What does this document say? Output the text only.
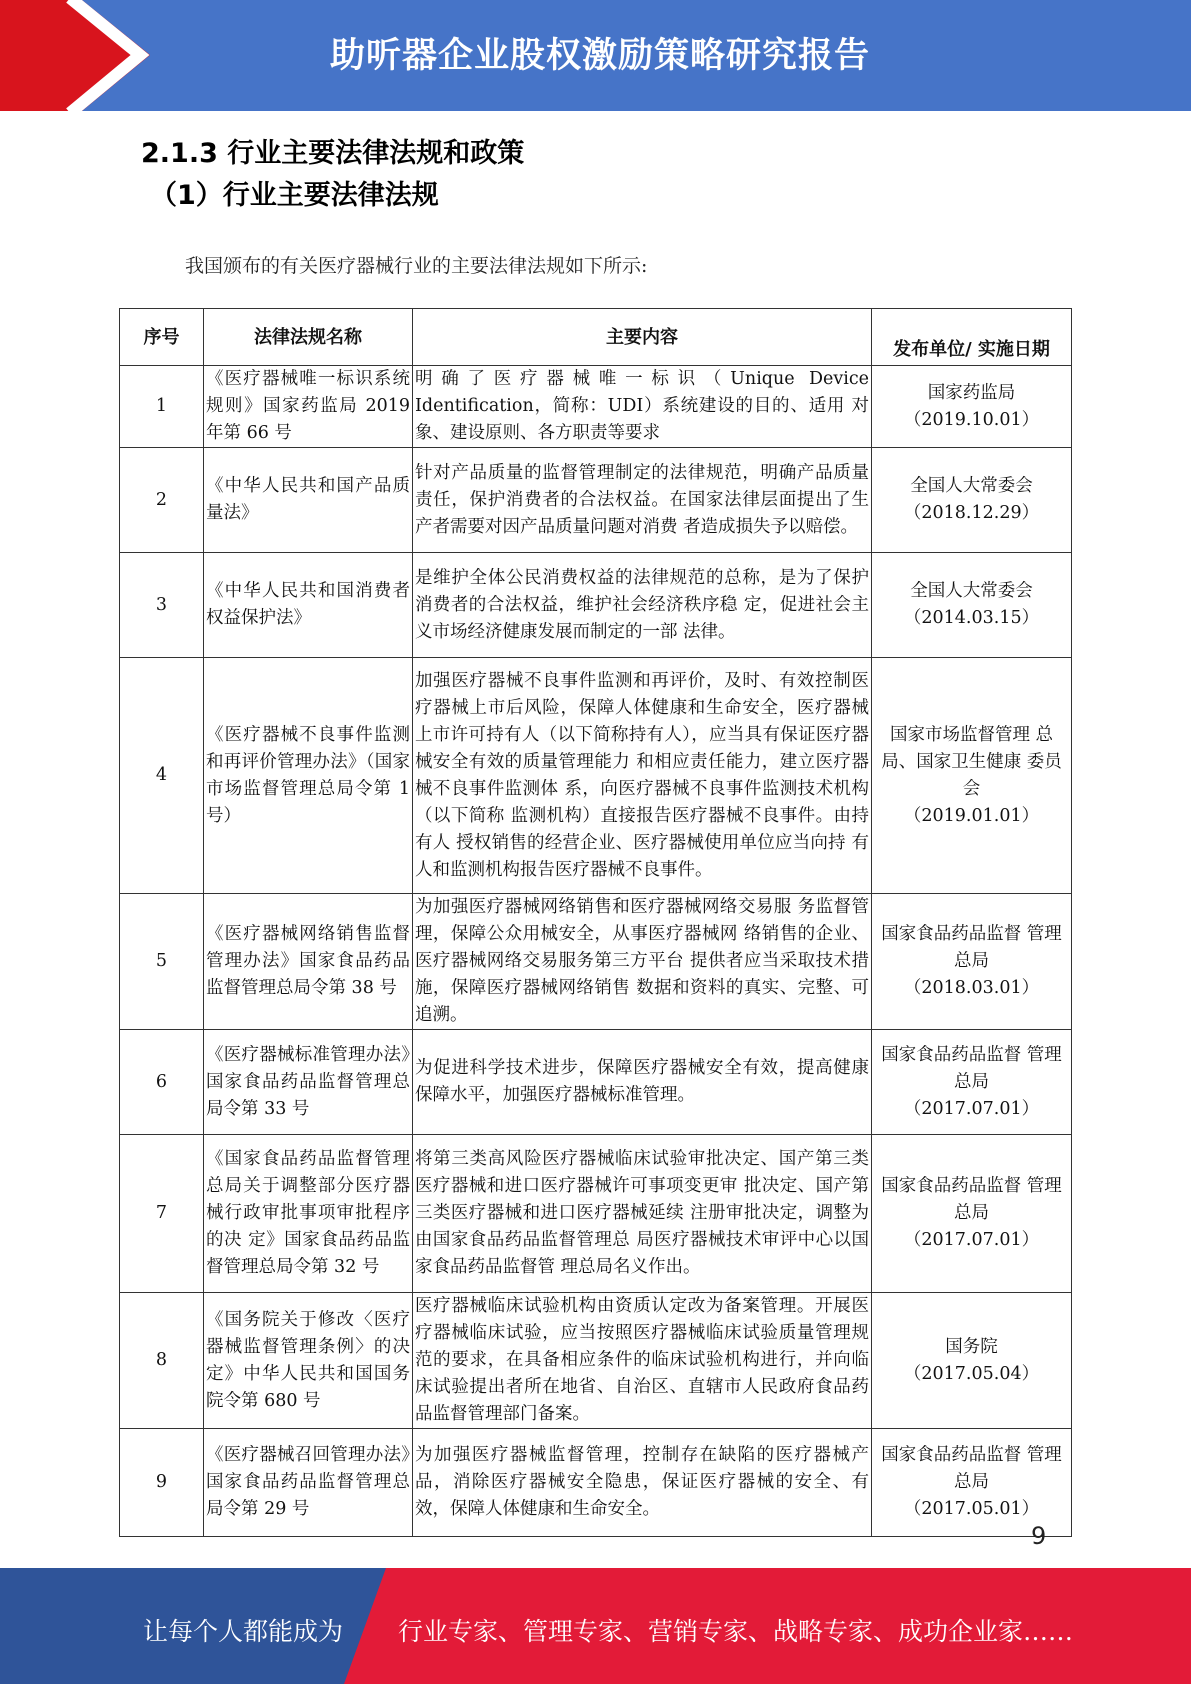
助听器企业股权激励策略研究报告
2.1.3 行业主要法律法规和政策
（1）行业主要法律法规
我国颁布的有关医疗器械行业的主要法律法规如下所示:
序号	法律法规名称	主要内容	发布单位/ 实施日期
1	《医疗器械唯一标识系统规则》国家药监局 2019 年第 66 号	明确了医疗器械唯一标识（Unique Device Identification，简称：UDI）系统建设的目的、适用 对象、建设原则、各方职责等要求	国家药监局
（2019.10.01）

2	《中华人民共和国产品质量法》	针对产品质量的监督管理制定的法律规范，明确产品质量责任，保护消费者的合法权益。在国家法律层面提出了生产者需要对因产品质量问题对消费 者造成损失予以赔偿。	全国人大常委会
（2018.12.29）

3	《中华人民共和国消费者权益保护法》	是维护全体公民消费权益的法律规范的总称，是为了保护消费者的合法权益，维护社会经济秩序稳 定，促进社会主义市场经济健康发展而制定的一部 法律。	全国人大常委会
（2014.03.15）

4	《医疗器械不良事件监测和再评价管理办法》（国家市场监督管理总局令第 1 号）	加强医疗器械不良事件监测和再评价，及时、有效控制医疗器械上市后风险，保障人体健康和生命安全，医疗器械上市许可持有人（以下简称持有人），应当具有保证医疗器械安全有效的质量管理能力 和相应责任能力，建立医疗器械不良事件监测体 系，向医疗器械不良事件监测技术机构（以下简称 监测机构）直接报告医疗器械不良事件。由持有人 授权销售的经营企业、医疗器械使用单位应当向持 有人和监测机构报告医疗器械不良事件。	国家市场监督管理 总局、国家卫生健康 委员会
（2019.01.01）

5	《医疗器械网络销售监督管理办法》国家食品药品监督管理总局令第 38 号	为加强医疗器械网络销售和医疗器械网络交易服 务监督管理，保障公众用械安全，从事医疗器械网 络销售的企业、医疗器械网络交易服务第三方平台 提供者应当采取技术措施，保障医疗器械网络销售 数据和资料的真实、完整、可追溯。	国家食品药品监督 管理总局
（2018.03.01）

6	《医疗器械标准管理办法》国家食品药品监督管理总局令第 33 号	为促进科学技术进步，保障医疗器械安全有效，提高健康保障水平，加强医疗器械标准管理。	国家食品药品监督 管理总局
（2017.07.01）

7	《国家食品药品监督管理总局关于调整部分医疗器械行政审批事项审批程序的决 定》国家食品药品监 督管理总局令第 32 号	将第三类高风险医疗器械临床试验审批决定、国产第三类医疗器械和进口医疗器械许可事项变更审 批决定、国产第三类医疗器械和进口医疗器械延续 注册审批决定，调整为由国家食品药品监督管理总 局医疗器械技术审评中心以国家食品药品监督管 理总局名义作出。	国家食品药品监督 管理总局
（2017.07.01）

8	《国务院关于修改〈医疗器械监督管理条例〉的决定》中华人民共和国国务院令第 680 号	医疗器械临床试验机构由资质认定改为备案管理。开展医疗器械临床试验，应当按照医疗器械临床试验质量管理规范的要求，在具备相应条件的临床试验机构进行，并向临床试验提出者所在地省、自治区、直辖市人民政府食品药品监督管理部门备案。	国务院
（2017.05.04）

9	《医疗器械召回管理办法》国家食品药品监督管理总局令第 29 号	为加强医疗器械监督管理，控制存在缺陷的医疗器械产品，消除医疗器械安全隐患，保证医疗器械的安全、有效，保障人体健康和生命安全。	国家食品药品监督 管理总局
（2017.05.01）
9
让每个人都能成为 行业专家、管理专家、营销专家、战略专家、成功企业家……
